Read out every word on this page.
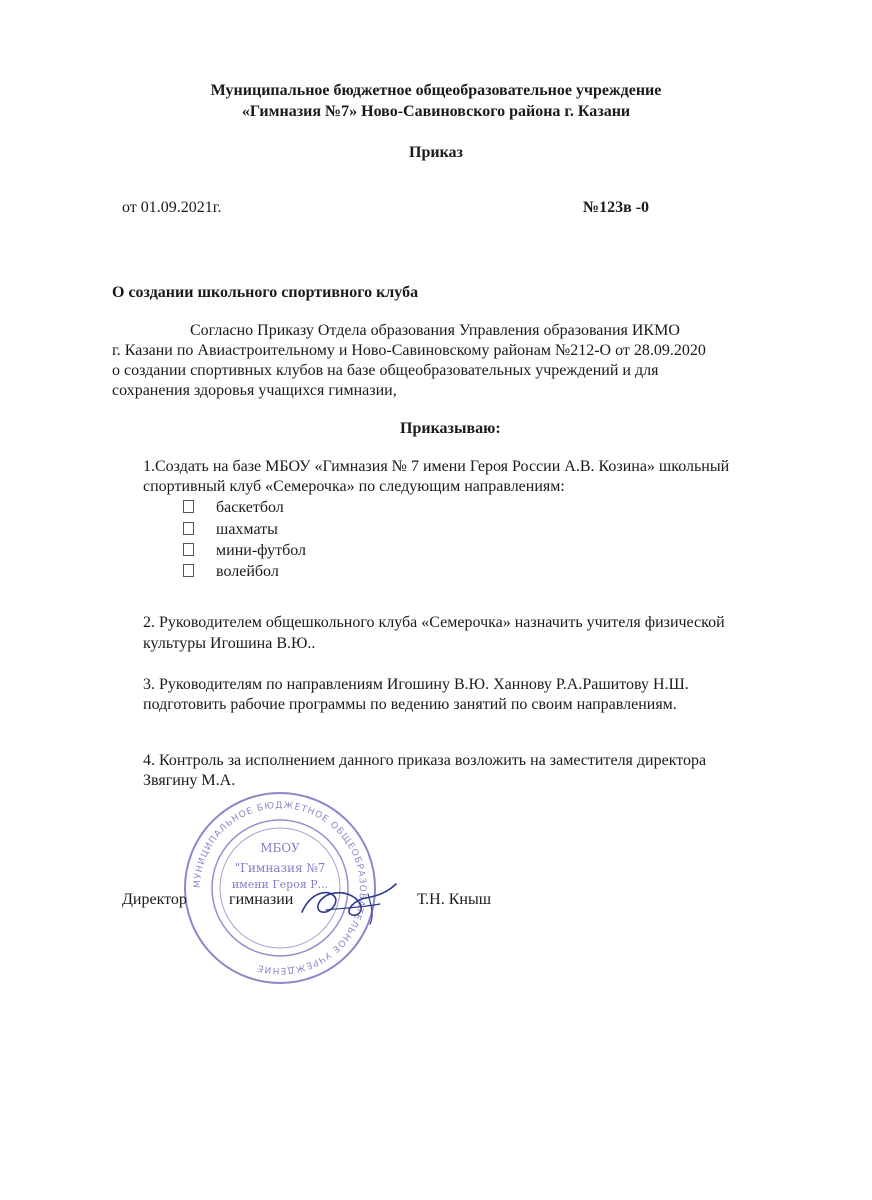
Муниципальное бюджетное общеобразовательное учреждение
«Гимназия №7» Ново-Савиновского района г. Казани
Приказ
от 01.09.2021г.	№123в -0
О создании школьного спортивного клуба
Согласно Приказу Отдела образования Управления образования ИКМО
г. Казани по Авиастроительному и Ново-Савиновскому районам №212-О от 28.09.2020
о создании спортивных клубов на базе общеобразовательных учреждений и для
сохранения здоровья учащихся гимназии,
Приказываю:
1.Создать на базе МБОУ «Гимназия № 7 имени Героя России А.В. Козина» школьный
спортивный клуб «Семерочка» по следующим направлениям:
баскетбол
шахматы
мини-футбол
волейбол
2. Руководителем общешкольного клуба «Семерочка» назначить учителя физической
культуры Игошина В.Ю..
3. Руководителям по направлениям Игошину В.Ю. Ханнову Р.А.Рашитову Н.Ш.
подготовить рабочие программы по ведению занятий по своим направлениям.
4. Контроль за исполнением данного приказа возложить на заместителя директора
Звягину М.А.
МУНИЦИПАЛЬНОЕ БЮДЖЕТНОЕ ОБЩЕОБРАЗОВАТЕЛЬНОЕ УЧРЕЖДЕНИЕ
МБОУ
"Гимназия №7
имени Героя Р...
Директор	гимназии	Т.Н. Кныш
